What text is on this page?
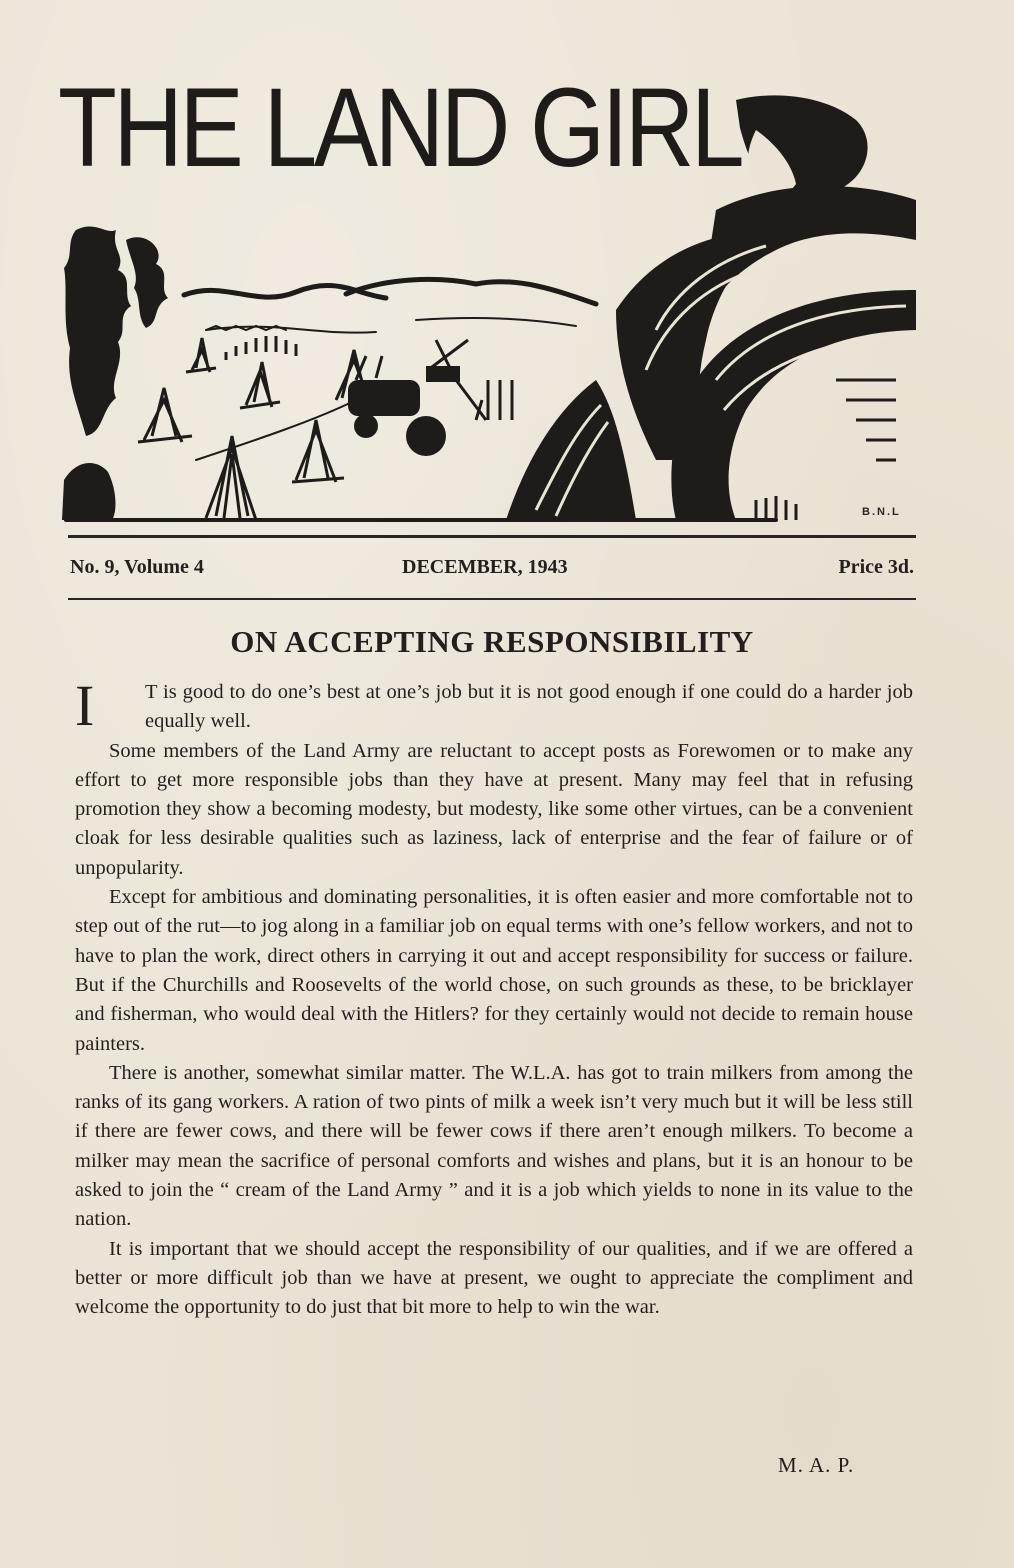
THE LAND GIRL
B.N.L
No. 9, Volume 4	DECEMBER, 1943	Price 3d.
ON ACCEPTING RESPONSIBILITY

I T is good to do one’s best at one’s job but it is not good enough if one could do a harder job equally well.

Some members of the Land Army are reluctant to accept posts as Forewomen or to make any effort to get more responsible jobs than they have at present. Many may feel that in refusing promotion they show a becoming modesty, but modesty, like some other virtues, can be a convenient cloak for less desirable qualities such as laziness, lack of enterprise and the fear of failure or of unpopularity.

Except for ambitious and dominating personalities, it is often easier and more comfortable not to step out of the rut—to jog along in a familiar job on equal terms with one’s fellow workers, and not to have to plan the work, direct others in carrying it out and accept responsibility for success or failure. But if the Churchills and Roosevelts of the world chose, on such grounds as these, to be bricklayer and fisherman, who would deal with the Hitlers? for they certainly would not decide to remain house painters.

There is another, somewhat similar matter. The W.L.A. has got to train milkers from among the ranks of its gang workers. A ration of two pints of milk a week isn’t very much but it will be less still if there are fewer cows, and there will be fewer cows if there aren’t enough milkers. To become a milker may mean the sacrifice of personal comforts and wishes and plans, but it is an honour to be asked to join the “ cream of the Land Army ” and it is a job which yields to none in its value to the nation.

It is important that we should accept the responsibility of our qualities, and if we are offered a better or more difficult job than we have at present, we ought to appreciate the compliment and welcome the opportunity to do just that bit more to help to win the war.

M. A. P.
